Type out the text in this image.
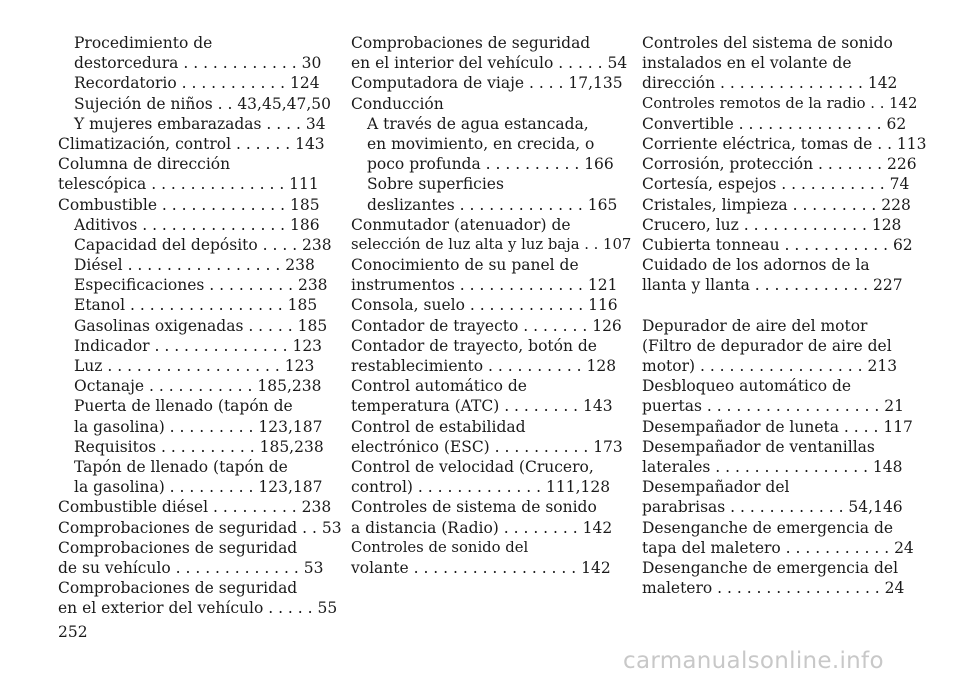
Procedimiento de
destorcedura . . . . . . . . . . . . 30
Recordatorio . . . . . . . . . . . 124
Sujeción de niños . . 43,45,47,50
Y mujeres embarazadas . . . . 34
Climatización, control . . . . . . 143
Columna de dirección
telescópica . . . . . . . . . . . . . . 111
Combustible . . . . . . . . . . . . . 185
Aditivos . . . . . . . . . . . . . . . 186
Capacidad del depósito . . . . 238
Diésel . . . . . . . . . . . . . . . . 238
Especificaciones . . . . . . . . . 238
Etanol . . . . . . . . . . . . . . . . 185
Gasolinas oxigenadas . . . . . 185
Indicador . . . . . . . . . . . . . . 123
Luz . . . . . . . . . . . . . . . . . . 123
Octanaje . . . . . . . . . . . 185,238
Puerta de llenado (tapón de
la gasolina) . . . . . . . . . 123,187
Requisitos . . . . . . . . . . 185,238
Tapón de llenado (tapón de
la gasolina) . . . . . . . . . 123,187
Combustible diésel . . . . . . . . . 238
Comprobaciones de seguridad . . 53
Comprobaciones de seguridad
de su vehículo . . . . . . . . . . . . . 53
Comprobaciones de seguridad
en el exterior del vehículo . . . . . 55
Comprobaciones de seguridad
en el interior del vehículo . . . . . 54
Computadora de viaje . . . . 17,135
Conducción
A través de agua estancada,
en movimiento, en crecida, o
poco profunda . . . . . . . . . . 166
Sobre superficies
deslizantes . . . . . . . . . . . . . 165
Conmutador (atenuador) de
selección de luz alta y luz baja . . 107
Conocimiento de su panel de
instrumentos . . . . . . . . . . . . . 121
Consola, suelo . . . . . . . . . . . . 116
Contador de trayecto . . . . . . . 126
Contador de trayecto, botón de
restablecimiento . . . . . . . . . . 128
Control automático de
temperatura (ATC) . . . . . . . . 143
Control de estabilidad
electrónico (ESC) . . . . . . . . . . 173
Control de velocidad (Crucero,
control) . . . . . . . . . . . . . 111,128
Controles de sistema de sonido
a distancia (Radio) . . . . . . . . 142
Controles de sonido del
volante . . . . . . . . . . . . . . . . . 142
Controles del sistema de sonido
instalados en el volante de
dirección . . . . . . . . . . . . . . . 142
Controles remotos de la radio . . 142
Convertible . . . . . . . . . . . . . . . 62
Corriente eléctrica, tomas de . . 113
Corrosión, protección . . . . . . . 226
Cortesía, espejos . . . . . . . . . . . 74
Cristales, limpieza . . . . . . . . . 228
Crucero, luz . . . . . . . . . . . . . 128
Cubierta tonneau . . . . . . . . . . . 62
Cuidado de los adornos de la
llanta y llanta . . . . . . . . . . . . 227
Depurador de aire del motor
(Filtro de depurador de aire del
motor) . . . . . . . . . . . . . . . . . 213
Desbloqueo automático de
puertas . . . . . . . . . . . . . . . . . . 21
Desempañador de luneta . . . . 117
Desempañador de ventanillas
laterales . . . . . . . . . . . . . . . . 148
Desempañador del
parabrisas . . . . . . . . . . . . 54,146
Desenganche de emergencia de
tapa del maletero . . . . . . . . . . . 24
Desenganche de emergencia del
maletero . . . . . . . . . . . . . . . . . 24
252
carmanualsonline.info
